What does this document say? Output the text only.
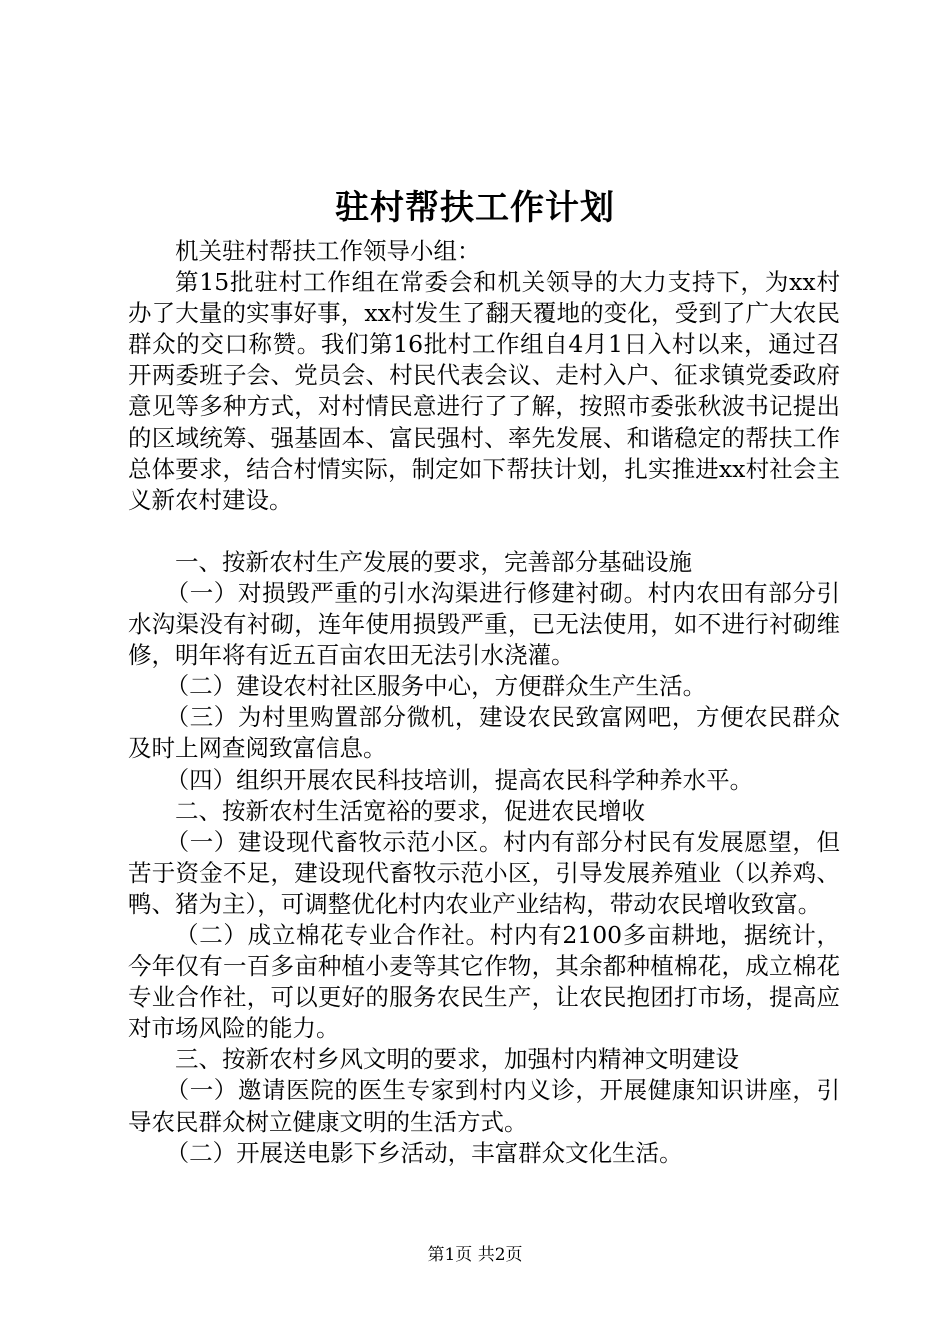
驻村帮扶工作计划

机关驻村帮扶工作领导小组：

第15批驻村工作组在常委会和机关领导的大力支持下，为xx村办了大量的实事好事，xx村发生了翻天覆地的变化，受到了广大农民群众的交口称赞。我们第16批村工作组自4月1日入村以来，通过召开两委班子会、党员会、村民代表会议、走村入户、征求镇党委政府意见等多种方式，对村情民意进行了了解，按照市委张秋波书记提出的区域统筹、强基固本、富民强村、率先发展、和谐稳定的帮扶工作总体要求，结合村情实际，制定如下帮扶计划，扎实推进xx村社会主义新农村建设。

一、按新农村生产发展的要求，完善部分基础设施

（一）对损毁严重的引水沟渠进行修建衬砌。村内农田有部分引水沟渠没有衬砌，连年使用损毁严重，已无法使用，如不进行衬砌维修，明年将有近五百亩农田无法引水浇灌。

（二）建设农村社区服务中心，方便群众生产生活。

（三）为村里购置部分微机，建设农民致富网吧，方便农民群众及时上网查阅致富信息。

（四）组织开展农民科技培训，提高农民科学种养水平。

二、按新农村生活宽裕的要求，促进农民增收

（一）建设现代畜牧示范小区。村内有部分村民有发展愿望，但苦于资金不足，建设现代畜牧示范小区，引导发展养殖业（以养鸡、鸭、猪为主），可调整优化村内农业产业结构，带动农民增收致富。

（二）成立棉花专业合作社。村内有2100多亩耕地，据统计，今年仅有一百多亩种植小麦等其它作物，其余都种植棉花，成立棉花专业合作社，可以更好的服务农民生产，让农民抱团打市场，提高应对市场风险的能力。

三、按新农村乡风文明的要求，加强村内精神文明建设

（一）邀请医院的医生专家到村内义诊，开展健康知识讲座，引导农民群众树立健康文明的生活方式。

（二）开展送电影下乡活动，丰富群众文化生活。

第1页 共2页
